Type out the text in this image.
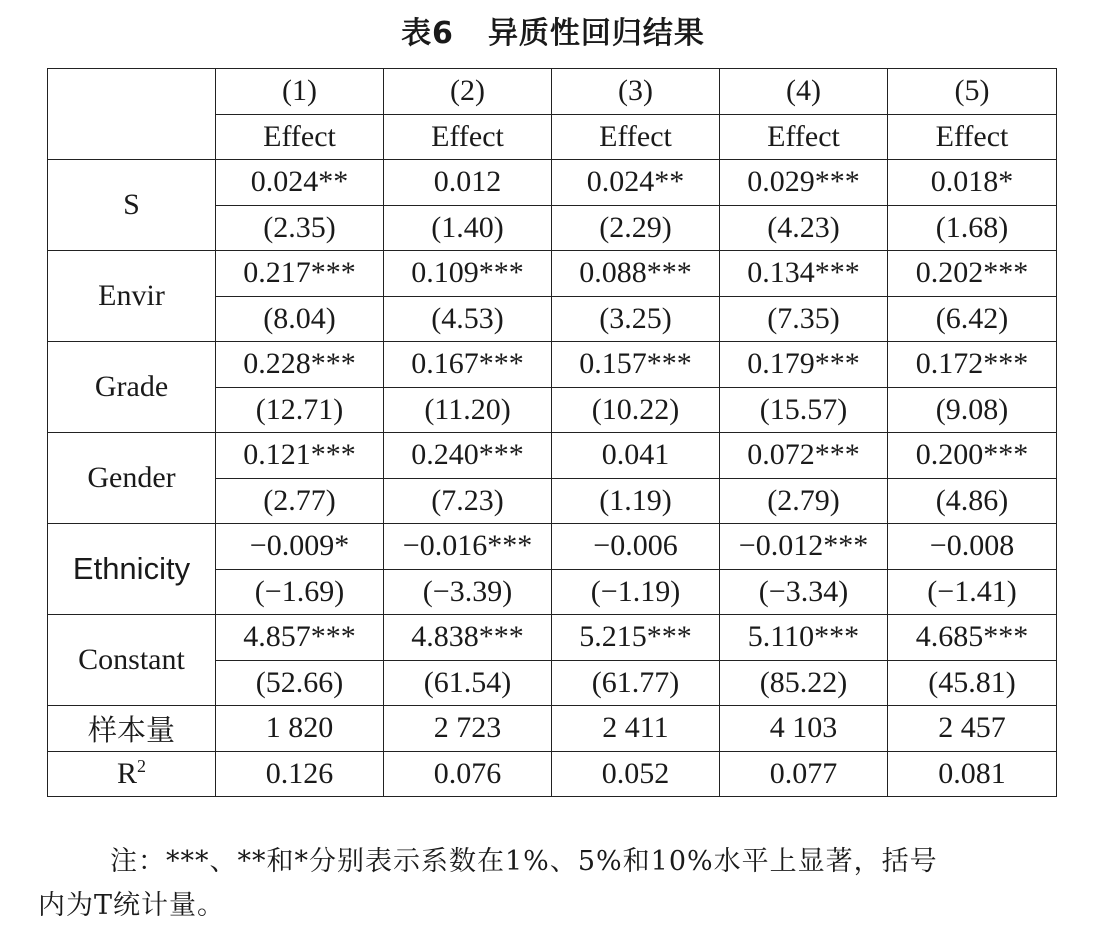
表6 异质性回归结果
	(1)	(2)	(3)	(4)	(5)
	Effect	Effect	Effect	Effect	Effect
S	0.024**	0.012	0.024**	0.029***	0.018*
	(2.35)	(1.40)	(2.29)	(4.23)	(1.68)
Envir	0.217***	0.109***	0.088***	0.134***	0.202***
	(8.04)	(4.53)	(3.25)	(7.35)	(6.42)
Grade	0.228***	0.167***	0.157***	0.179***	0.172***
	(12.71)	(11.20)	(10.22)	(15.57)	(9.08)
Gender	0.121***	0.240***	0.041	0.072***	0.200***
	(2.77)	(7.23)	(1.19)	(2.79)	(4.86)
Ethnicity	−0.009*	−0.016***	−0.006	−0.012***	−0.008
	(−1.69)	(−3.39)	(−1.19)	(−3.34)	(−1.41)
Constant	4.857***	4.838***	5.215***	5.110***	4.685***
	(52.66)	(61.54)	(61.77)	(85.22)	(45.81)
样本量	1 820	2 723	2 411	4 103	2 457
$R^2$	0.126	0.076	0.052	0.077	0.081

注：***、**和*分别表示系数在1%、5%和10%水平上显著，括号

内为T统计量。
